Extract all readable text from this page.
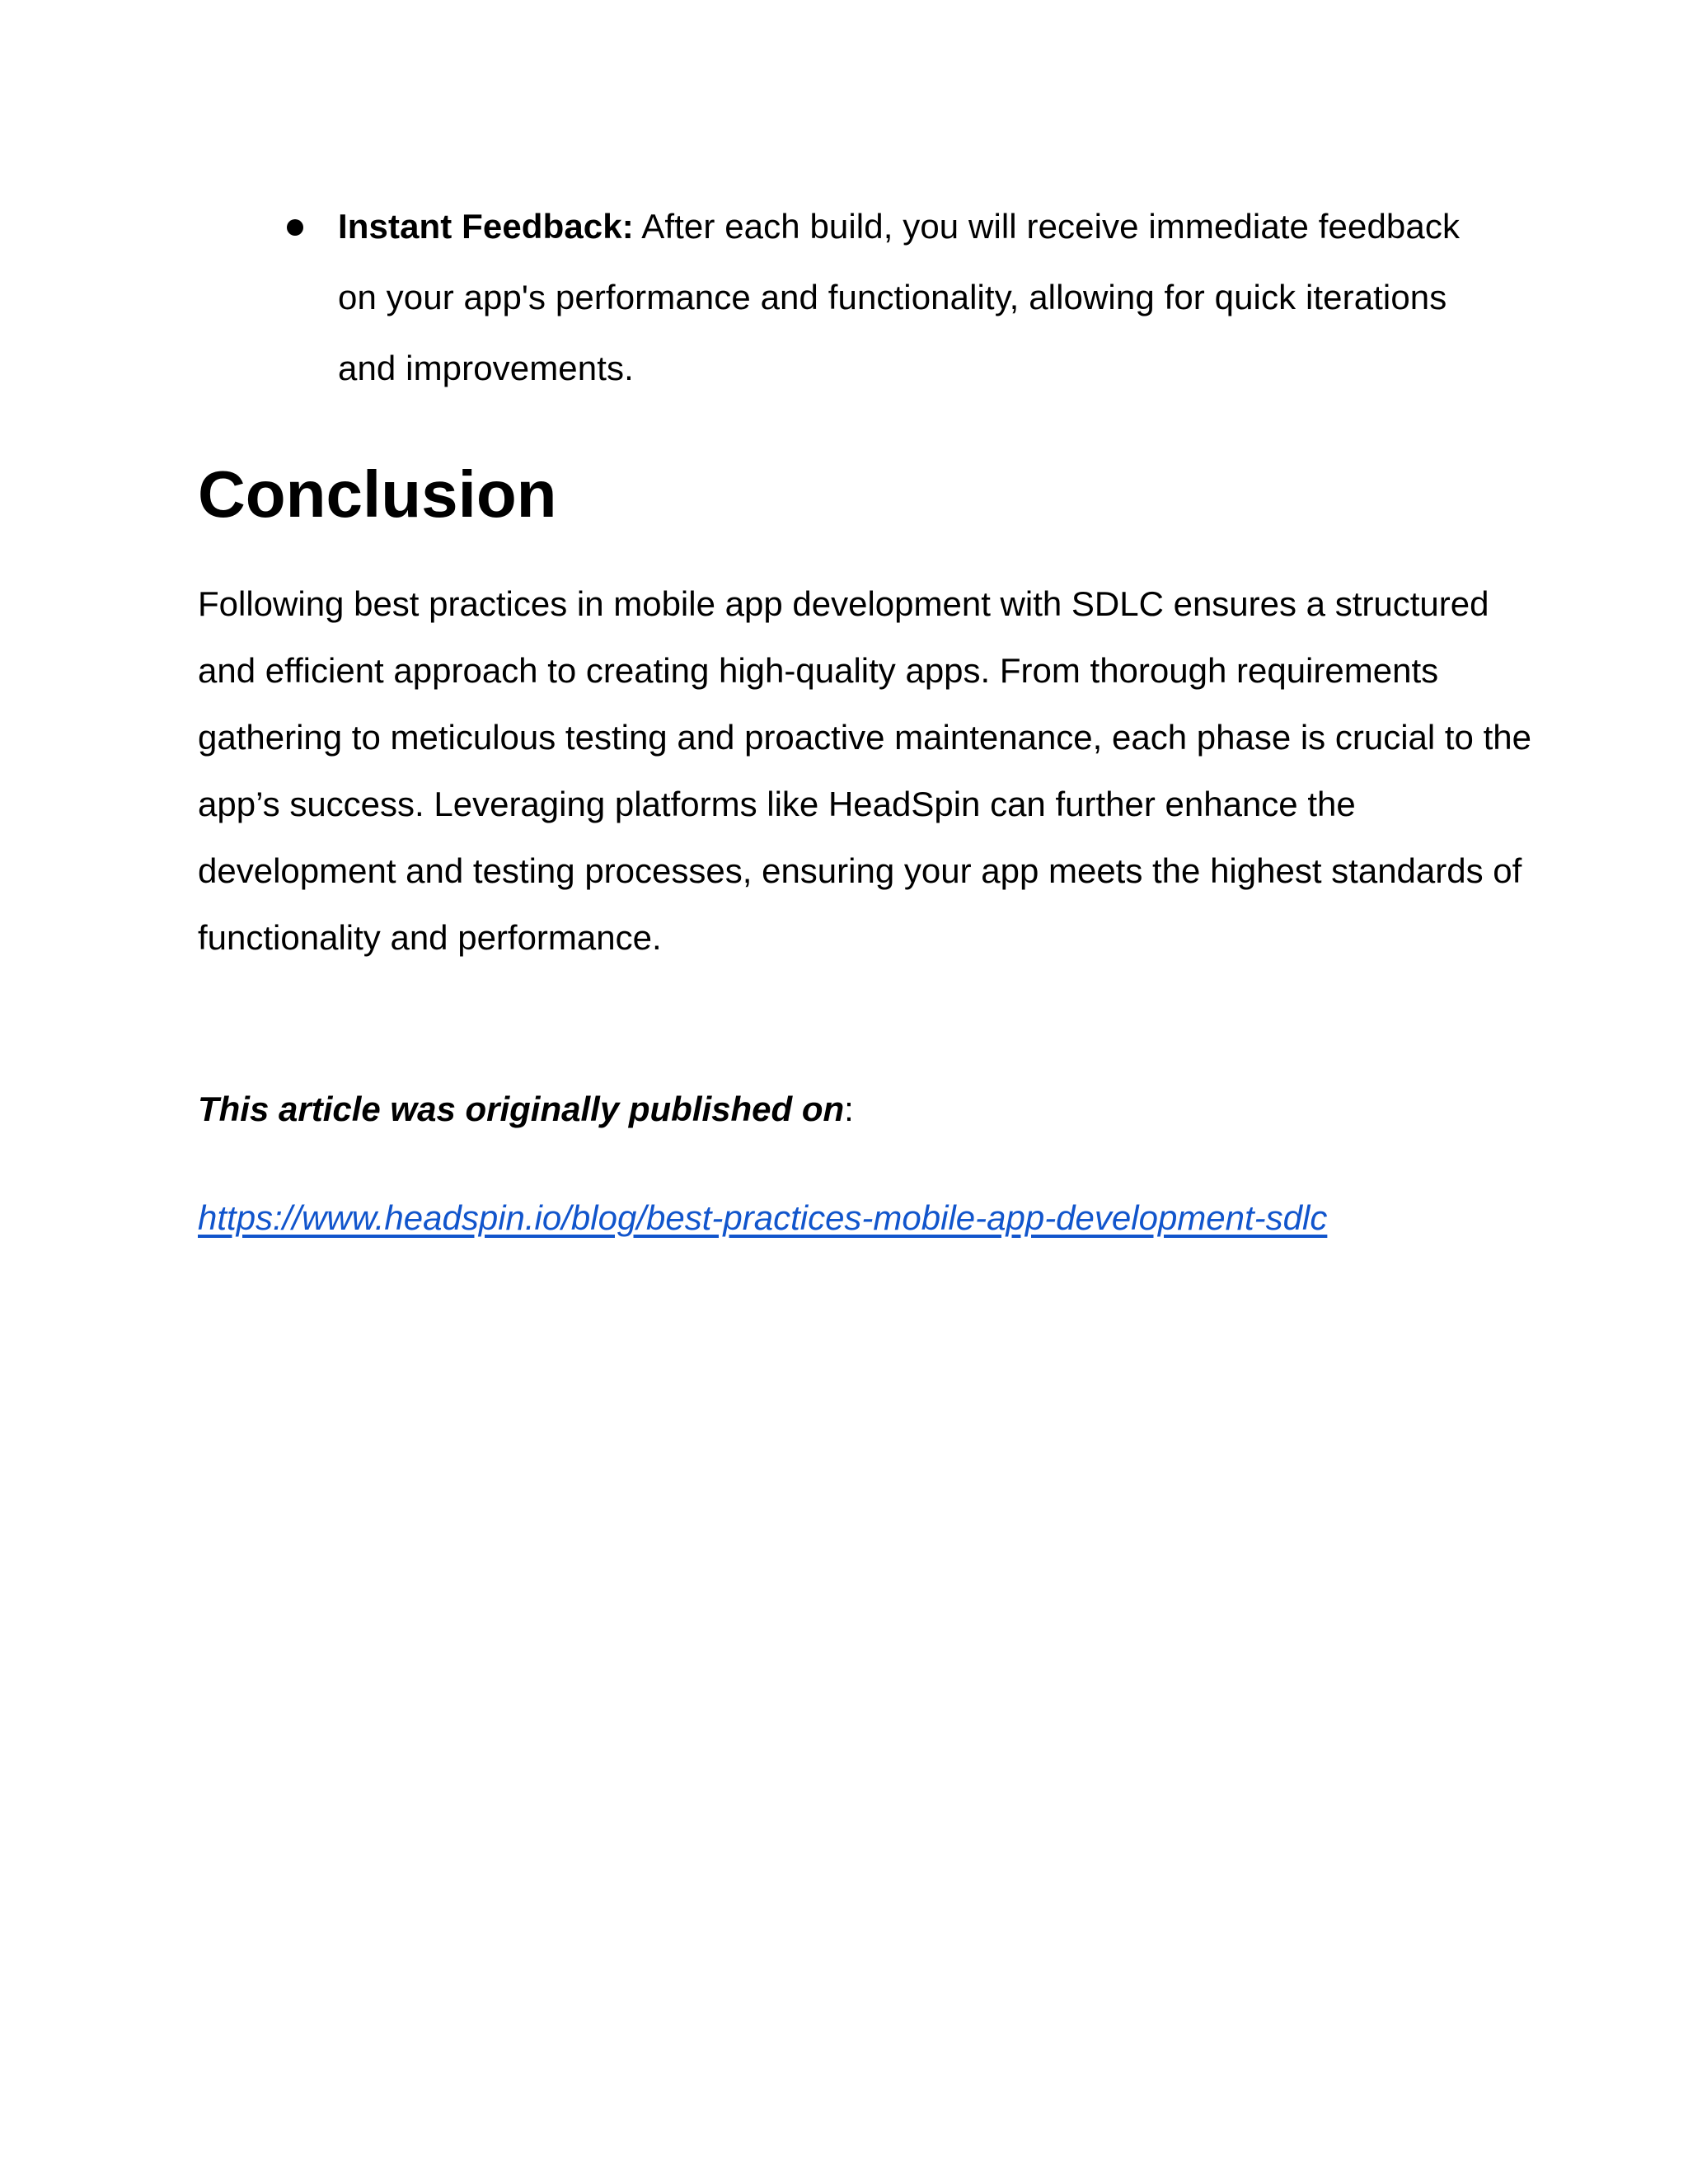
Instant Feedback: After each build, you will receive immediate feedback on your app's performance and functionality, allowing for quick iterations and improvements.
Conclusion

Following best practices in mobile app development with SDLC ensures a structured and efficient approach to creating high-quality apps. From thorough requirements gathering to meticulous testing and proactive maintenance, each phase is crucial to the app’s success. Leveraging platforms like HeadSpin can further enhance the development and testing processes, ensuring your app meets the highest standards of functionality and performance.

This article was originally published on:

https://www.headspin.io/blog/best-practices-mobile-app-development-sdlc
